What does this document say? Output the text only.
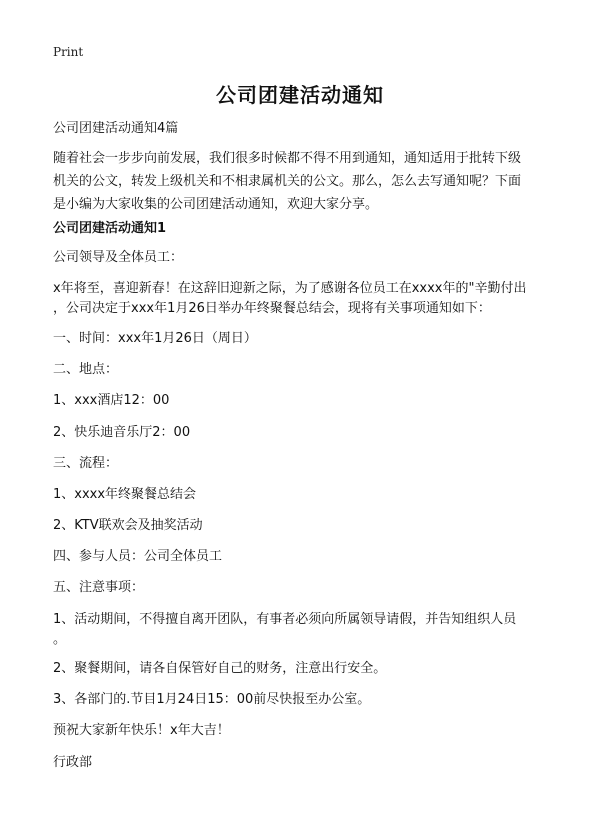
Print
公司团建活动通知
公司团建活动通知4篇
随着社会一步步向前发展，我们很多时候都不得不用到通知，通知适用于批转下级
机关的公文，转发上级机关和不相隶属机关的公文。那么，怎么去写通知呢？下面
是小编为大家收集的公司团建活动通知，欢迎大家分享。
公司团建活动通知1
公司领导及全体员工：
x年将至，喜迎新春！在这辞旧迎新之际，为了感谢各位员工在xxxx年的"辛勤付出
，公司决定于xxx年1月26日举办年终聚餐总结会，现将有关事项通知如下：
一、时间：xxx年1月26日（周日）
二、地点：
1、xxx酒店12：00
2、快乐迪音乐厅2：00
三、流程：
1、xxxx年终聚餐总结会
2、KTV联欢会及抽奖活动
四、参与人员：公司全体员工
五、注意事项：
1、活动期间，不得擅自离开团队，有事者必须向所属领导请假，并告知组织人员
。
2、聚餐期间，请各自保管好自己的财务，注意出行安全。
3、各部门的.节目1月24日15：00前尽快报至办公室。
预祝大家新年快乐！x年大吉！
行政部
